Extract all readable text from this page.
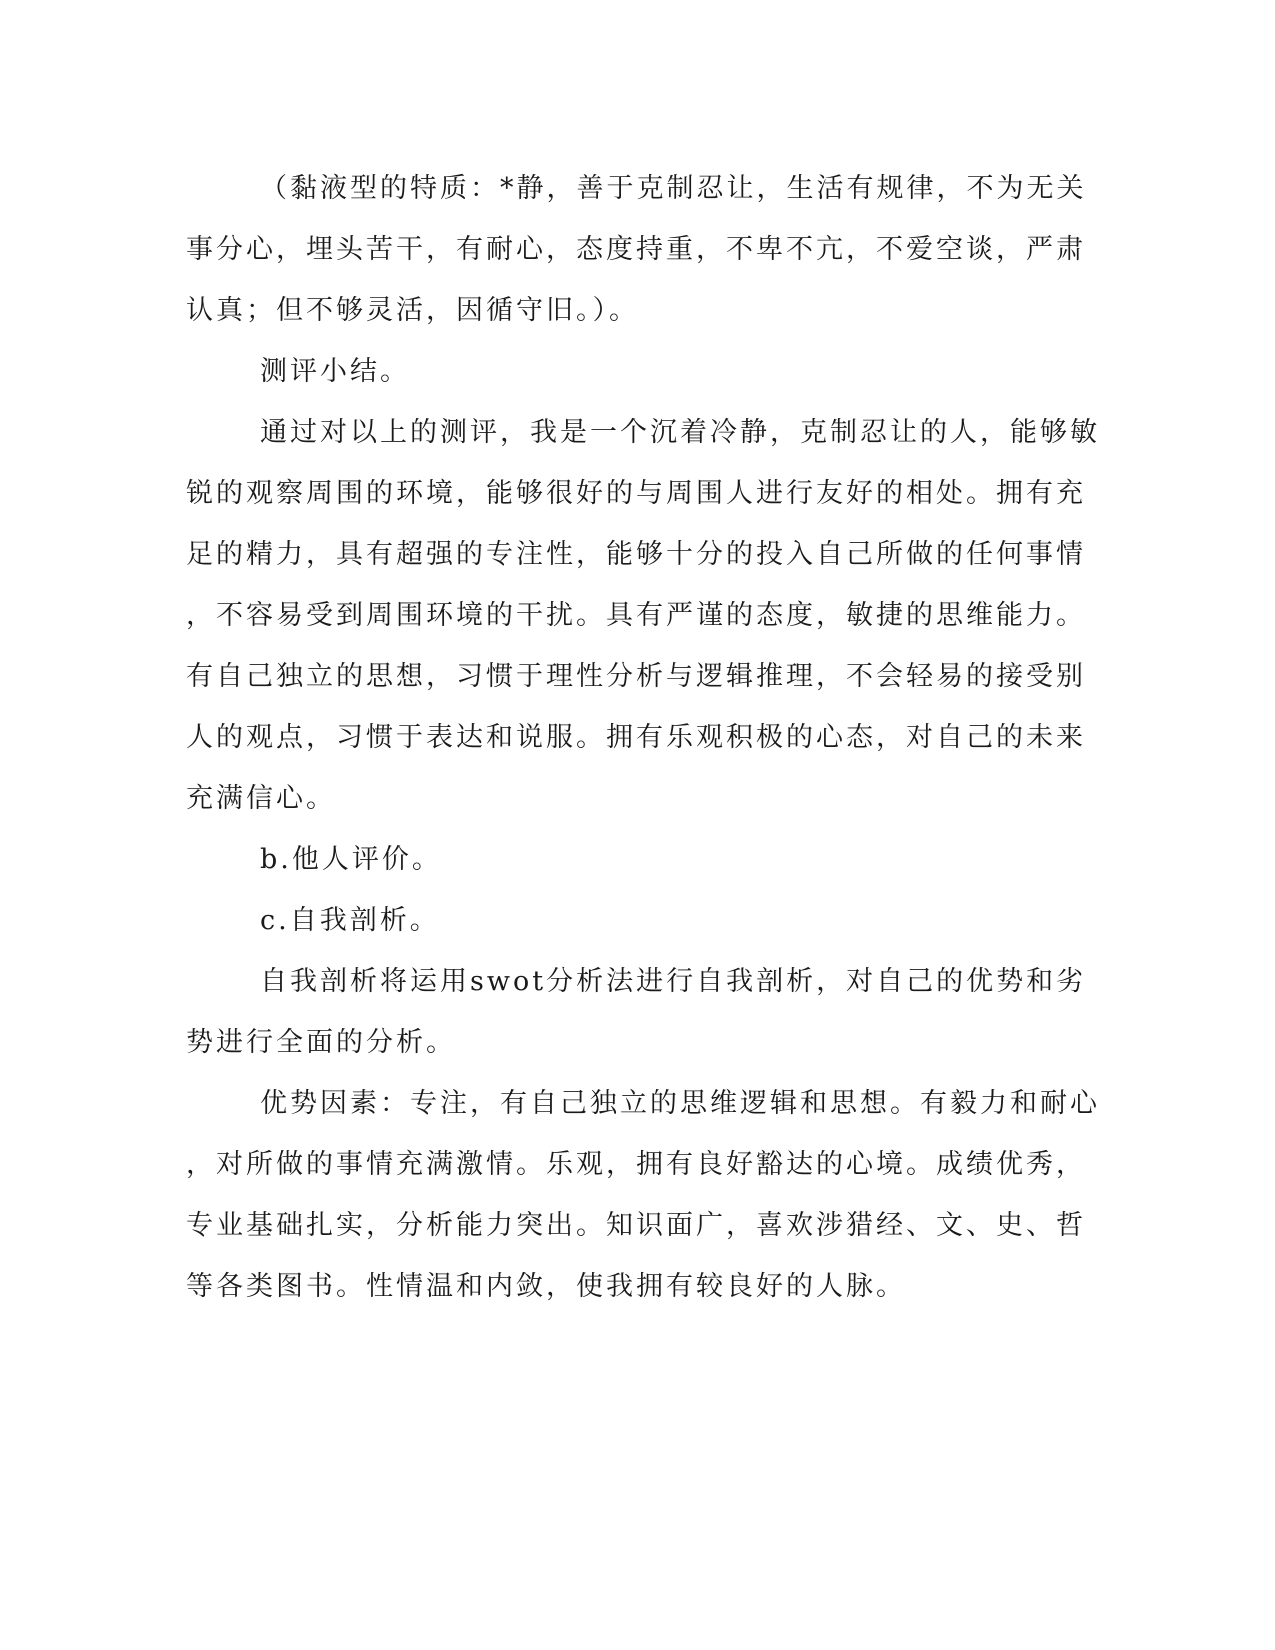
（黏液型的特质：*静，善于克制忍让，生活有规律，不为无关
事分心，埋头苦干，有耐心，态度持重，不卑不亢，不爱空谈，严肃
认真；但不够灵活，因循守旧。）。
测评小结。
通过对以上的测评，我是一个沉着冷静，克制忍让的人，能够敏
锐的观察周围的环境，能够很好的与周围人进行友好的相处。拥有充
足的精力，具有超强的专注性，能够十分的投入自己所做的任何事情
，不容易受到周围环境的干扰。具有严谨的态度，敏捷的思维能力。
有自己独立的思想，习惯于理性分析与逻辑推理，不会轻易的接受别
人的观点，习惯于表达和说服。拥有乐观积极的心态，对自己的未来
充满信心。
b.他人评价。
c.自我剖析。
自我剖析将运用swot分析法进行自我剖析，对自己的优势和劣
势进行全面的分析。
优势因素：专注，有自己独立的思维逻辑和思想。有毅力和耐心
，对所做的事情充满激情。乐观，拥有良好豁达的心境。成绩优秀，
专业基础扎实，分析能力突出。知识面广，喜欢涉猎经、文、史、哲
等各类图书。性情温和内敛，使我拥有较良好的人脉。
